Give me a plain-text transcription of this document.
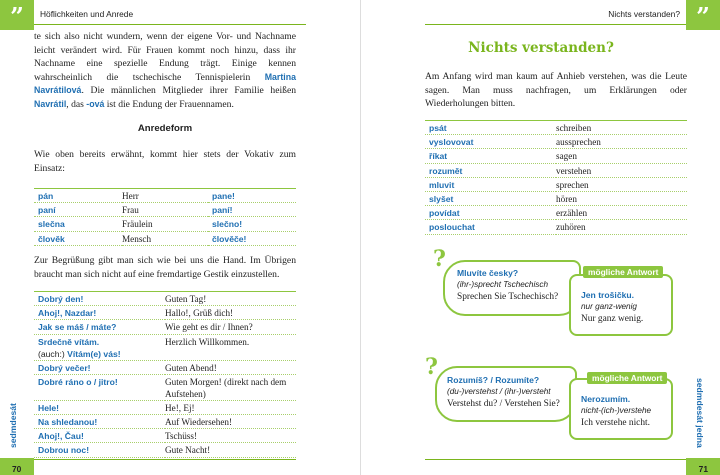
”	Höflichkeiten und Anrede
te sich also nicht wundern, wenn der eigene Vor- und Nachname leicht verändert wird. Für Frauen kommt noch hinzu, dass ihr Nachname eine spezielle Endung trägt. Einige kennen wahrscheinlich die tschechische Tennispielerin Martina Navrátilová. Die männlichen Mitglieder ihrer Familie heißen Navrátil, das -ová ist die Endung der Frauennamen.
Anredeform
Wie oben bereits erwähnt, kommt hier stets der Vokativ zum Einsatz:
pán	Herr	pane!
paní	Frau	paní!
slečna	Fräulein	slečno!
člověk	Mensch	člověče!
Zur Begrüßung gibt man sich wie bei uns die Hand. Im Übrigen braucht man sich nicht auf eine fremdartige Gestik einzustellen.
Dobrý den!	Guten Tag!

Ahoj!, Nazdar!	Hallo!, Grüß dich!

Jak se máš / máte?	Wie geht es dir / Ihnen?

Srdečně vítám.
(auch:) Vítám(e) vás!	Herzlich Willkommen.

Dobrý večer!	Guten Abend!

Dobré ráno o / jitro!	Guten Morgen! (direkt nach dem Aufstehen)

Hele!	He!, Ej!

Na shledanou!	Auf Wiedersehen!

Ahoj!, Čau!	Tschüss!

Dobrou noc!	Gute Nacht!
sedmdesát
70
Nichts verstanden? ”
Nichts verstanden?
Am Anfang wird man kaum auf Anhieb verstehen, was die Leute sagen. Man muss nachfragen, um Erklärungen oder Wiederholungen bitten.
psát	schreiben
vyslovovat	aussprechen
říkat	sagen
rozumět	verstehen
mluvit	sprechen
slyšet	hören
povídat	erzählen
poslouchat	zuhören
?
Mluvíte česky?
(ihr-)sprecht Tschechisch
Sprechen Sie Tschechisch?	Jen trošičku.
nur ganz-wenig
Nur ganz wenig.
mögliche Antwort
? Rozumíš? / Rozumíte?
(du-)verstehst / (ihr-)versteht
Verstehst du? / Verstehen Sie? Nerozumím.
nicht-(ich-)verstehe
Ich verstehe nicht.
mögliche Antwort	sedmdesát jedna
71
